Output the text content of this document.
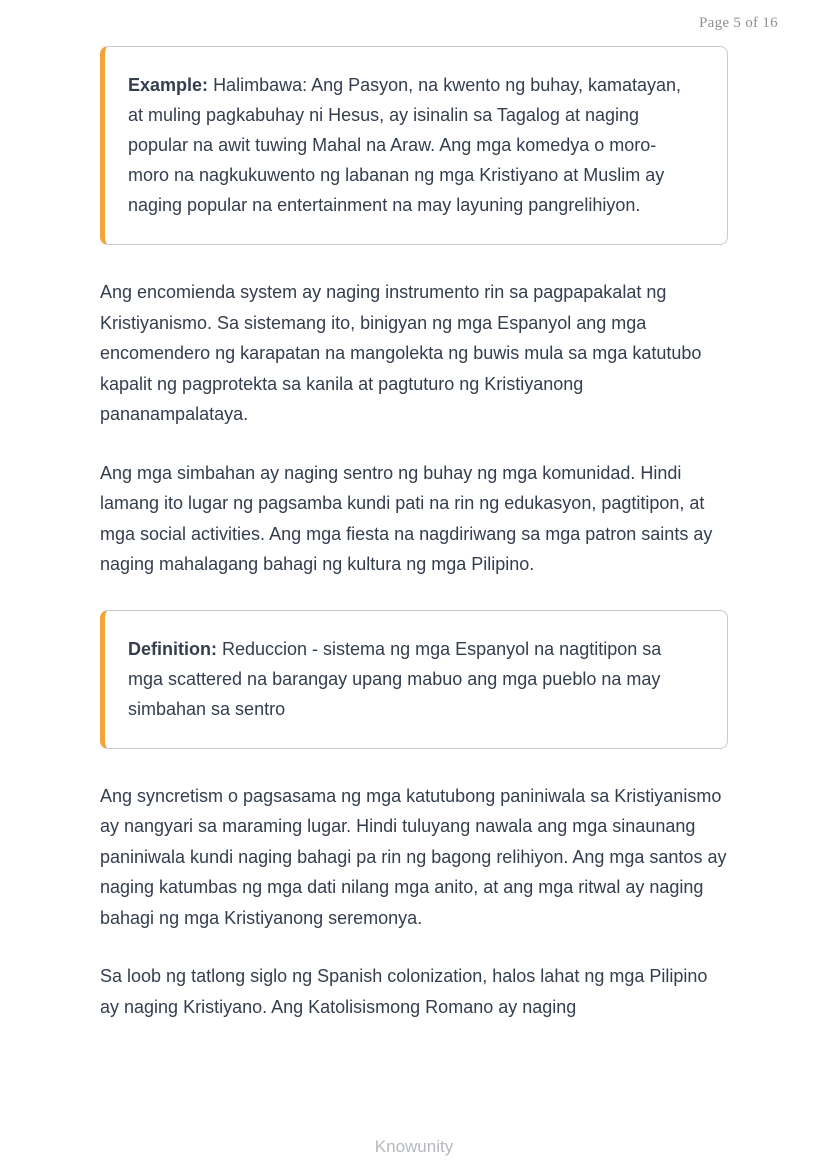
Page 5 of 16
Example: Halimbawa: Ang Pasyon, na kwento ng buhay, kamatayan, at muling pagkabuhay ni Hesus, ay isinalin sa Tagalog at naging popular na awit tuwing Mahal na Araw. Ang mga komedya o moro-moro na nagkukuwento ng labanan ng mga Kristiyano at Muslim ay naging popular na entertainment na may layuning pangrelihiyon.

Ang encomienda system ay naging instrumento rin sa pagpapakalat ng Kristiyanismo. Sa sistemang ito, binigyan ng mga Espanyol ang mga encomendero ng karapatan na mangolekta ng buwis mula sa mga katutubo kapalit ng pagprotekta sa kanila at pagtuturo ng Kristiyanong pananampalataya.

Ang mga simbahan ay naging sentro ng buhay ng mga komunidad. Hindi lamang ito lugar ng pagsamba kundi pati na rin ng edukasyon, pagtitipon, at mga social activities. Ang mga fiesta na nagdiriwang sa mga patron saints ay naging mahalagang bahagi ng kultura ng mga Pilipino.

Definition: Reduccion - sistema ng mga Espanyol na nagtitipon sa mga scattered na barangay upang mabuo ang mga pueblo na may simbahan sa sentro

Ang syncretism o pagsasama ng mga katutubong paniniwala sa Kristiyanismo ay nangyari sa maraming lugar. Hindi tuluyang nawala ang mga sinaunang paniniwala kundi naging bahagi pa rin ng bagong relihiyon. Ang mga santos ay naging katumbas ng mga dati nilang mga anito, at ang mga ritwal ay naging bahagi ng mga Kristiyanong seremonya.

Sa loob ng tatlong siglo ng Spanish colonization, halos lahat ng mga Pilipino ay naging Kristiyano. Ang Katolisismong Romano ay naging

Knowunity
